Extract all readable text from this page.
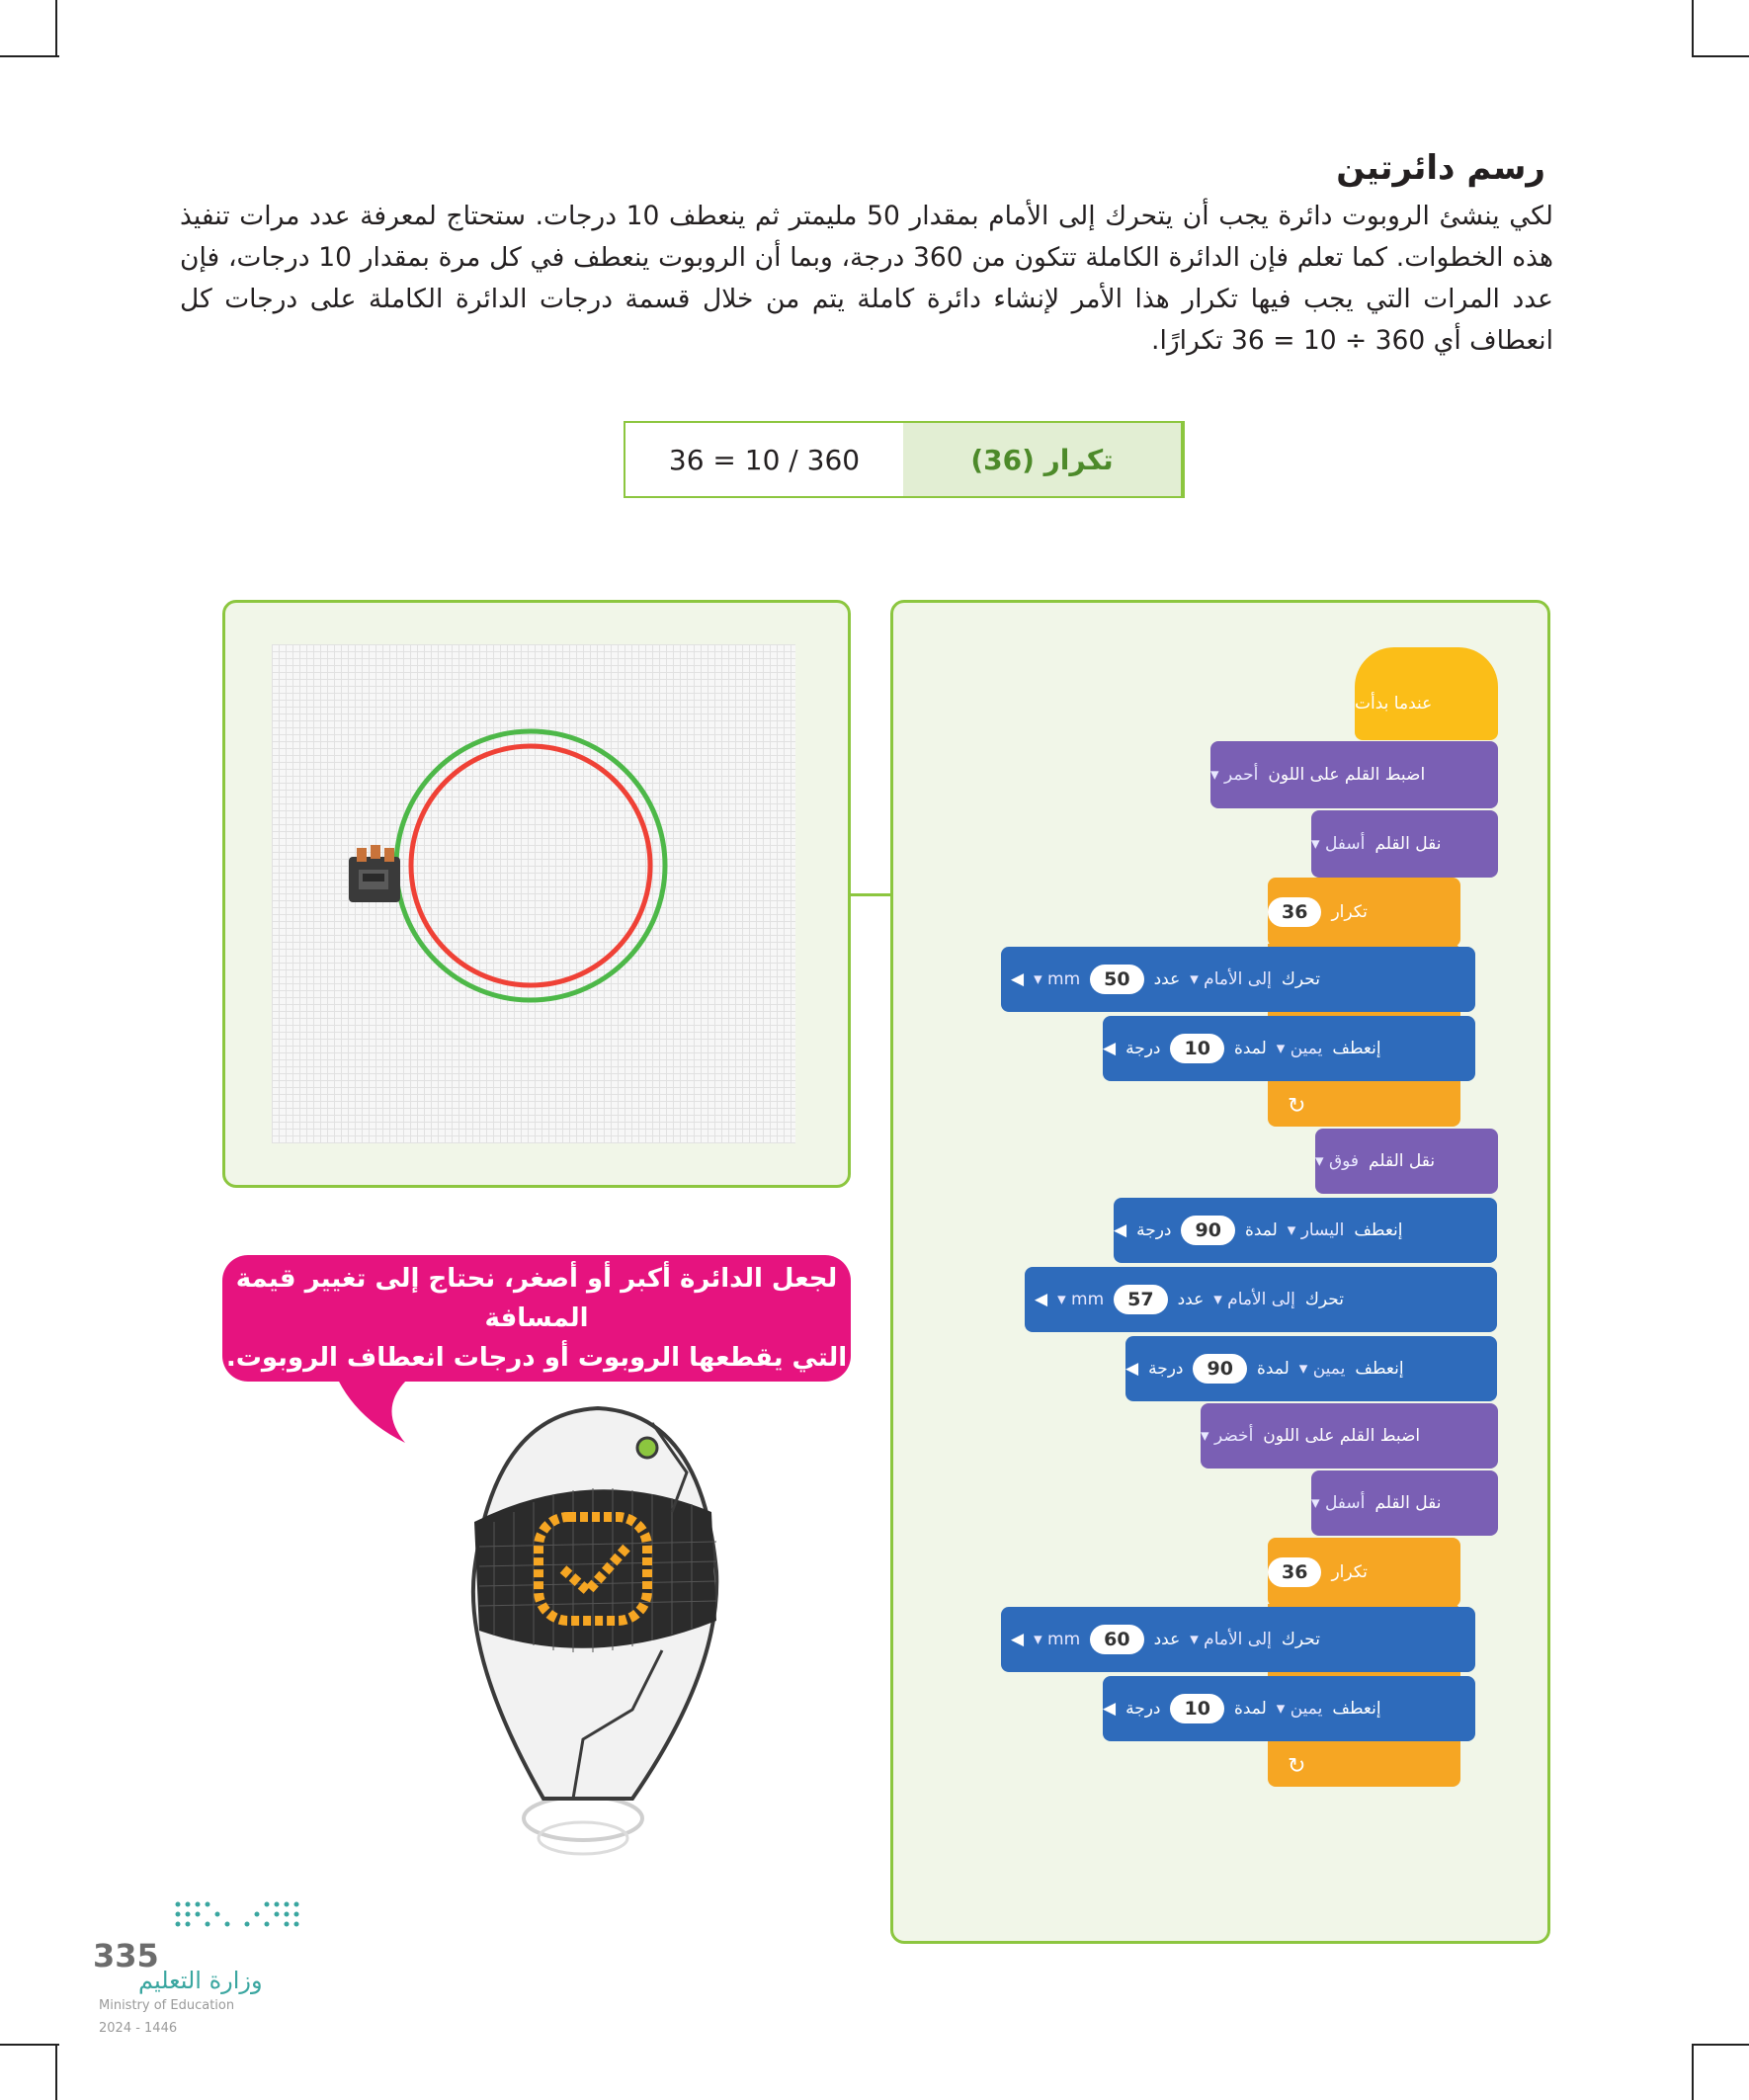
رسم دائرتين

لكي ينشئ الروبوت دائرة يجب أن يتحرك إلى الأمام بمقدار 50 مليمتر ثم ينعطف 10 درجات. ستحتاج لمعرفة عدد مرات تنفيذ هذه الخطوات. كما تعلم فإن الدائرة الكاملة تتكون من 360 درجة، وبما أن الروبوت ينعطف في كل مرة بمقدار 10 درجات، فإن عدد المرات التي يجب فيها تكرار هذا الأمر لإنشاء دائرة كاملة يتم من خلال قسمة درجات الدائرة الكاملة على درجات كل انعطاف أي 360 ÷ 10 = 36 تكرارًا.

36 = 10 / 360	تكرار (36)
عندما بدأت
اضبط القلم على اللون
أحمر ▾
نقل القلم
أسفل ▾
تكرار
36
↻
تحرك
إلى الأمام ▾
عدد
50
mm ▾
◀
إنعطف
يمين ▾
لمدة
10
درجة
◀
نقل القلم
فوق ▾
إنعطف
اليسار ▾
لمدة
90
درجة
◀
تحرك
إلى الأمام ▾
عدد
57
mm ▾
◀
إنعطف
يمين ▾
لمدة
90
درجة
◀
اضبط القلم على اللون
أخضر ▾
نقل القلم
أسفل ▾
تكرار
36
↻
تحرك
إلى الأمام ▾
عدد
60
mm ▾
◀
إنعطف
يمين ▾
لمدة
10
درجة
◀
لجعل الدائرة أكبر أو أصغر، نحتاج إلى تغيير قيمة المسافة
التي يقطعها الروبوت أو درجات انعطاف الروبوت.
335
وزارة التعليم
Ministry of Education
2024 - 1446
